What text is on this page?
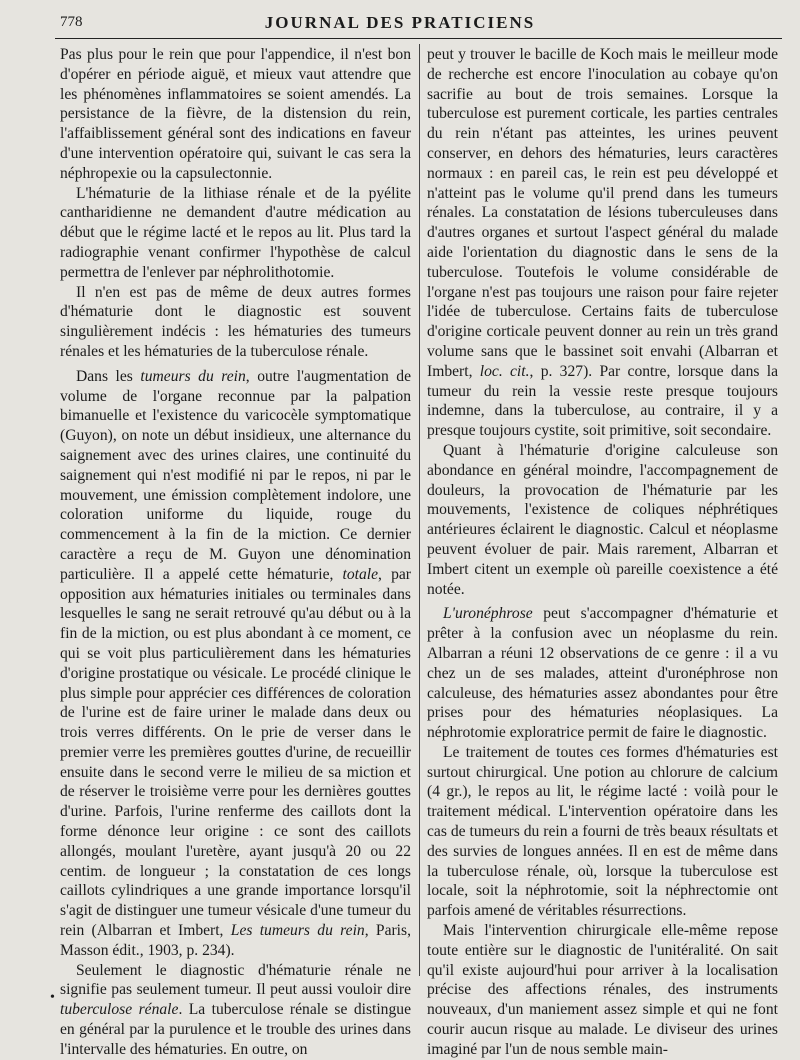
778	JOURNAL DES PRATICIENS

Pas plus pour le rein que pour l'appendice, il n'est bon d'opérer en période aiguë, et mieux vaut attendre que les phénomènes inflammatoires se soient amendés. La persistance de la fièvre, de la distension du rein, l'affaiblissement général sont des indications en faveur d'une intervention opératoire qui, suivant le cas sera la néphropexie ou la capsulectonnie.

L'hématurie de la lithiase rénale et de la pyélite cantharidienne ne demandent d'autre médication au début que le régime lacté et le repos au lit. Plus tard la radiographie venant confirmer l'hypothèse de calcul permettra de l'enlever par néphrolithotomie.

Il n'en est pas de même de deux autres formes d'hématurie dont le diagnostic est souvent singulièrement indécis : les hématuries des tumeurs rénales et les hématuries de la tuberculose rénale.

Dans les tumeurs du rein, outre l'augmentation de volume de l'organe reconnue par la palpation bimanuelle et l'existence du varicocèle symptomatique (Guyon), on note un début insidieux, une alternance du saignement avec des urines claires, une continuité du saignement qui n'est modifié ni par le repos, ni par le mouvement, une émission complètement indolore, une coloration uniforme du liquide, rouge du commencement à la fin de la miction. Ce dernier caractère a reçu de M. Guyon une dénomination particulière. Il a appelé cette hématurie, totale, par opposition aux hématuries initiales ou terminales dans lesquelles le sang ne serait retrouvé qu'au début ou à la fin de la miction, ou est plus abondant à ce moment, ce qui se voit plus particulièrement dans les hématuries d'origine prostatique ou vésicale. Le procédé clinique le plus simple pour apprécier ces différences de coloration de l'urine est de faire uriner le malade dans deux ou trois verres différents. On le prie de verser dans le premier verre les premières gouttes d'urine, de recueillir ensuite dans le second verre le milieu de sa miction et de réserver le troisième verre pour les dernières gouttes d'urine. Parfois, l'urine renferme des caillots dont la forme dénonce leur origine : ce sont des caillots allongés, moulant l'uretère, ayant jusqu'à 20 ou 22 centim. de longueur ; la constatation de ces longs caillots cylindriques a une grande importance lorsqu'il s'agit de distinguer une tumeur vésicale d'une tumeur du rein (Albarran et Imbert, Les tumeurs du rein, Paris, Masson édit., 1903, p. 234).

Seulement le diagnostic d'hématurie rénale ne signifie pas seulement tumeur. Il peut aussi vouloir dire tuberculose rénale. La tuberculose rénale se distingue en général par la purulence et le trouble des urines dans l'intervalle des hématuries. En outre, on

peut y trouver le bacille de Koch mais le meilleur mode de recherche est encore l'inoculation au cobaye qu'on sacrifie au bout de trois semaines. Lorsque la tuberculose est purement corticale, les parties centrales du rein n'étant pas atteintes, les urines peuvent conserver, en dehors des hématuries, leurs caractères normaux : en pareil cas, le rein est peu développé et n'atteint pas le volume qu'il prend dans les tumeurs rénales. La constatation de lésions tuberculeuses dans d'autres organes et surtout l'aspect général du malade aide l'orientation du diagnostic dans le sens de la tuberculose. Toutefois le volume considérable de l'organe n'est pas toujours une raison pour faire rejeter l'idée de tuberculose. Certains faits de tuberculose d'origine corticale peuvent donner au rein un très grand volume sans que le bassinet soit envahi (Albarran et Imbert, loc. cit., p. 327). Par contre, lorsque dans la tumeur du rein la vessie reste presque toujours indemne, dans la tuberculose, au contraire, il y a presque toujours cystite, soit primitive, soit secondaire.

Quant à l'hématurie d'origine calculeuse son abondance en général moindre, l'accompagnement de douleurs, la provocation de l'hématurie par les mouvements, l'existence de coliques néphrétiques antérieures éclairent le diagnostic. Calcul et néoplasme peuvent évoluer de pair. Mais rarement, Albarran et Imbert citent un exemple où pareille coexistence a été notée.

L'uronéphrose peut s'accompagner d'hématurie et prêter à la confusion avec un néoplasme du rein. Albarran a réuni 12 observations de ce genre : il a vu chez un de ses malades, atteint d'uronéphrose non calculeuse, des hématuries assez abondantes pour être prises pour des hématuries néoplasiques. La néphrotomie exploratrice permit de faire le diagnostic.

Le traitement de toutes ces formes d'hématuries est surtout chirurgical. Une potion au chlorure de calcium (4 gr.), le repos au lit, le régime lacté : voilà pour le traitement médical. L'intervention opératoire dans les cas de tumeurs du rein a fourni de très beaux résultats et des survies de longues années. Il en est de même dans la tuberculose rénale, où, lorsque la tuberculose est locale, soit la néphrotomie, soit la néphrectomie ont parfois amené de véritables résurrections.

Mais l'intervention chirurgicale elle-même repose toute entière sur le diagnostic de l'unitéralité. On sait qu'il existe aujourd'hui pour arriver à la localisation précise des affections rénales, des instruments nouveaux, d'un maniement assez simple et qui ne font courir aucun risque au malade. Le diviseur des urines imaginé par l'un de nous semble main-

•
